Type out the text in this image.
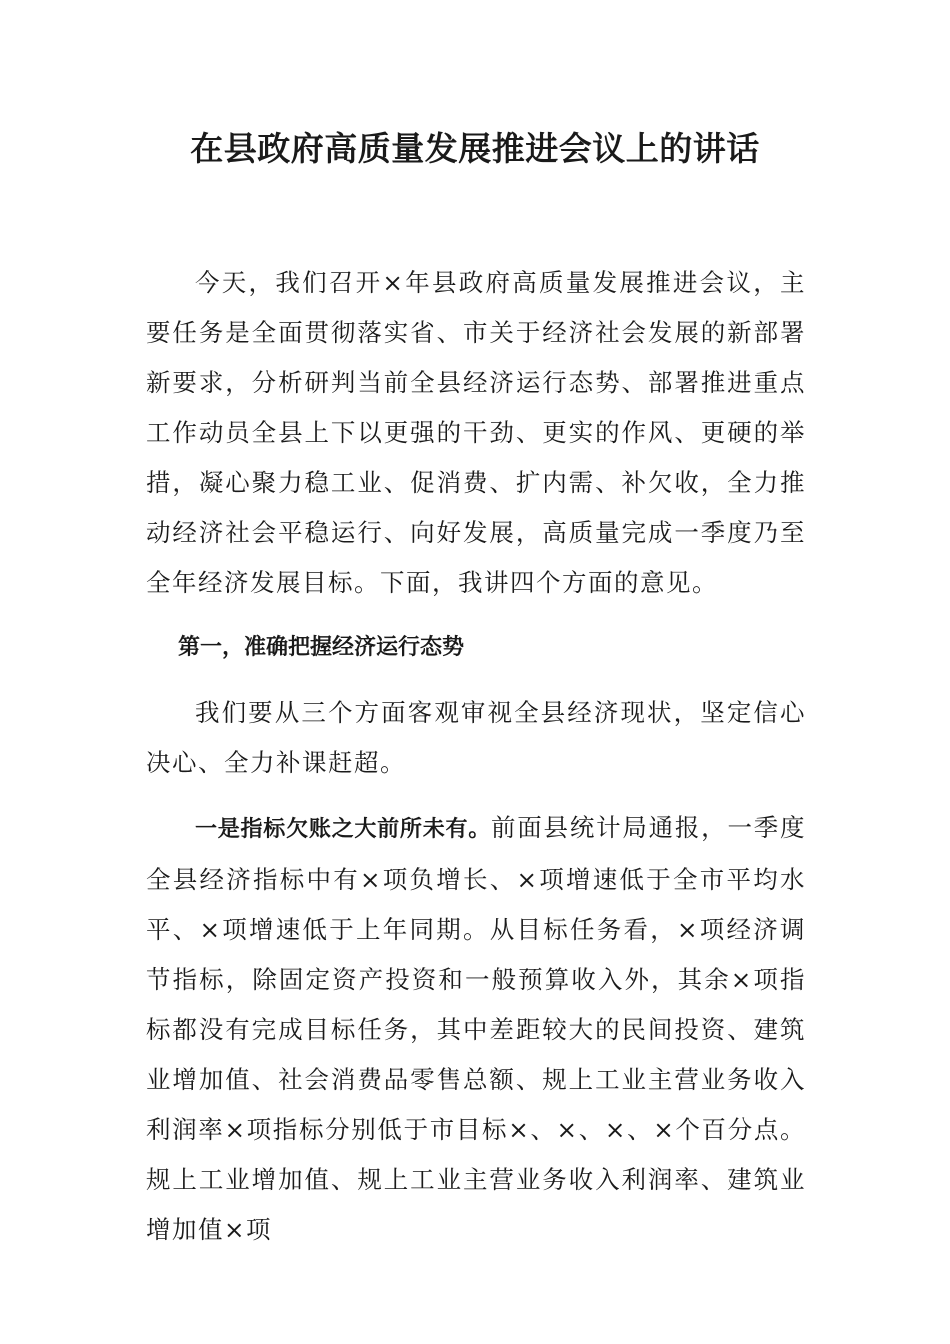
在县政府高质量发展推进会议上的讲话

今天，我们召开×年县政府高质量发展推进会议，主要任务是全面贯彻落实省、市关于经济社会发展的新部署新要求，分析研判当前全县经济运行态势、部署推进重点工作动员全县上下以更强的干劲、更实的作风、更硬的举措，凝心聚力稳工业、促消费、扩内需、补欠收，全力推动经济社会平稳运行、向好发展，高质量完成一季度乃至全年经济发展目标。下面，我讲四个方面的意见。

第一，准确把握经济运行态势

我们要从三个方面客观审视全县经济现状，坚定信心决心、全力补课赶超。

一是指标欠账之大前所未有。前面县统计局通报，一季度全县经济指标中有×项负增长、×项增速低于全市平均水平、×项增速低于上年同期。从目标任务看，×项经济调节指标，除固定资产投资和一般预算收入外，其余×项指标都没有完成目标任务，其中差距较大的民间投资、建筑业增加值、社会消费品零售总额、规上工业主营业务收入利润率×项指标分别低于市目标×、×、×、×个百分点。规上工业增加值、规上工业主营业务收入利润率、建筑业增加值×项
